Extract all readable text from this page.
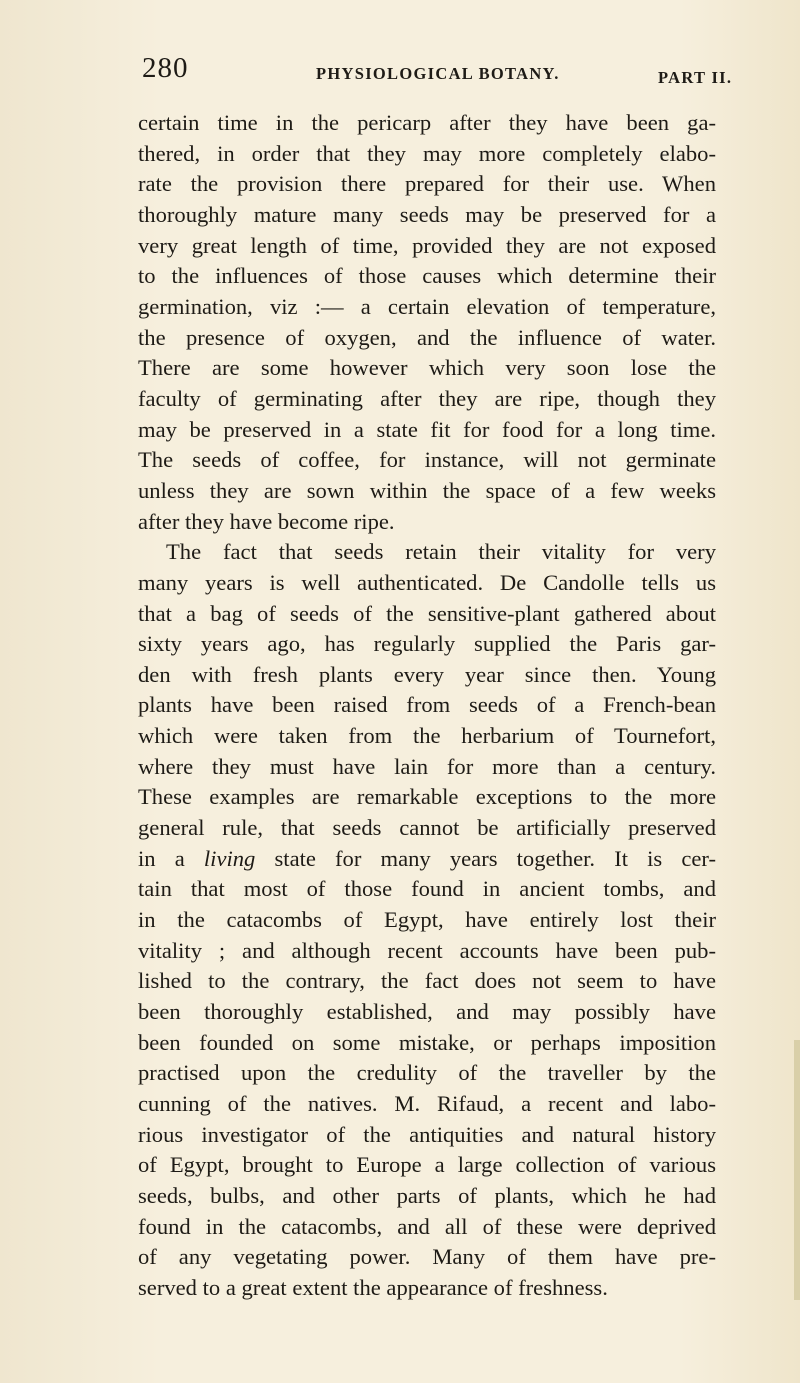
280	PHYSIOLOGICAL BOTANY.	PART II.
certain time in the pericarp after they have been ga-
thered, in order that they may more completely elabo-
rate the provision there prepared for their use. When
thoroughly mature many seeds may be preserved for a
very great length of time, provided they are not exposed
to the influences of those causes which determine their
germination, viz :— a certain elevation of temperature,
the presence of oxygen, and the influence of water.
There are some however which very soon lose the
faculty of germinating after they are ripe, though they
may be preserved in a state fit for food for a long time.
The seeds of coffee, for instance, will not germinate
unless they are sown within the space of a few weeks
after they have become ripe.
The fact that seeds retain their vitality for very
many years is well authenticated. De Candolle tells us
that a bag of seeds of the sensitive-plant gathered about
sixty years ago, has regularly supplied the Paris gar-
den with fresh plants every year since then. Young
plants have been raised from seeds of a French-bean
which were taken from the herbarium of Tournefort,
where they must have lain for more than a century.
These examples are remarkable exceptions to the more
general rule, that seeds cannot be artificially preserved
in a living state for many years together. It is cer-
tain that most of those found in ancient tombs, and
in the catacombs of Egypt, have entirely lost their
vitality ; and although recent accounts have been pub-
lished to the contrary, the fact does not seem to have
been thoroughly established, and may possibly have
been founded on some mistake, or perhaps imposition
practised upon the credulity of the traveller by the
cunning of the natives. M. Rifaud, a recent and labo-
rious investigator of the antiquities and natural history
of Egypt, brought to Europe a large collection of various
seeds, bulbs, and other parts of plants, which he had
found in the catacombs, and all of these were deprived
of any vegetating power. Many of them have pre-
served to a great extent the appearance of freshness.
